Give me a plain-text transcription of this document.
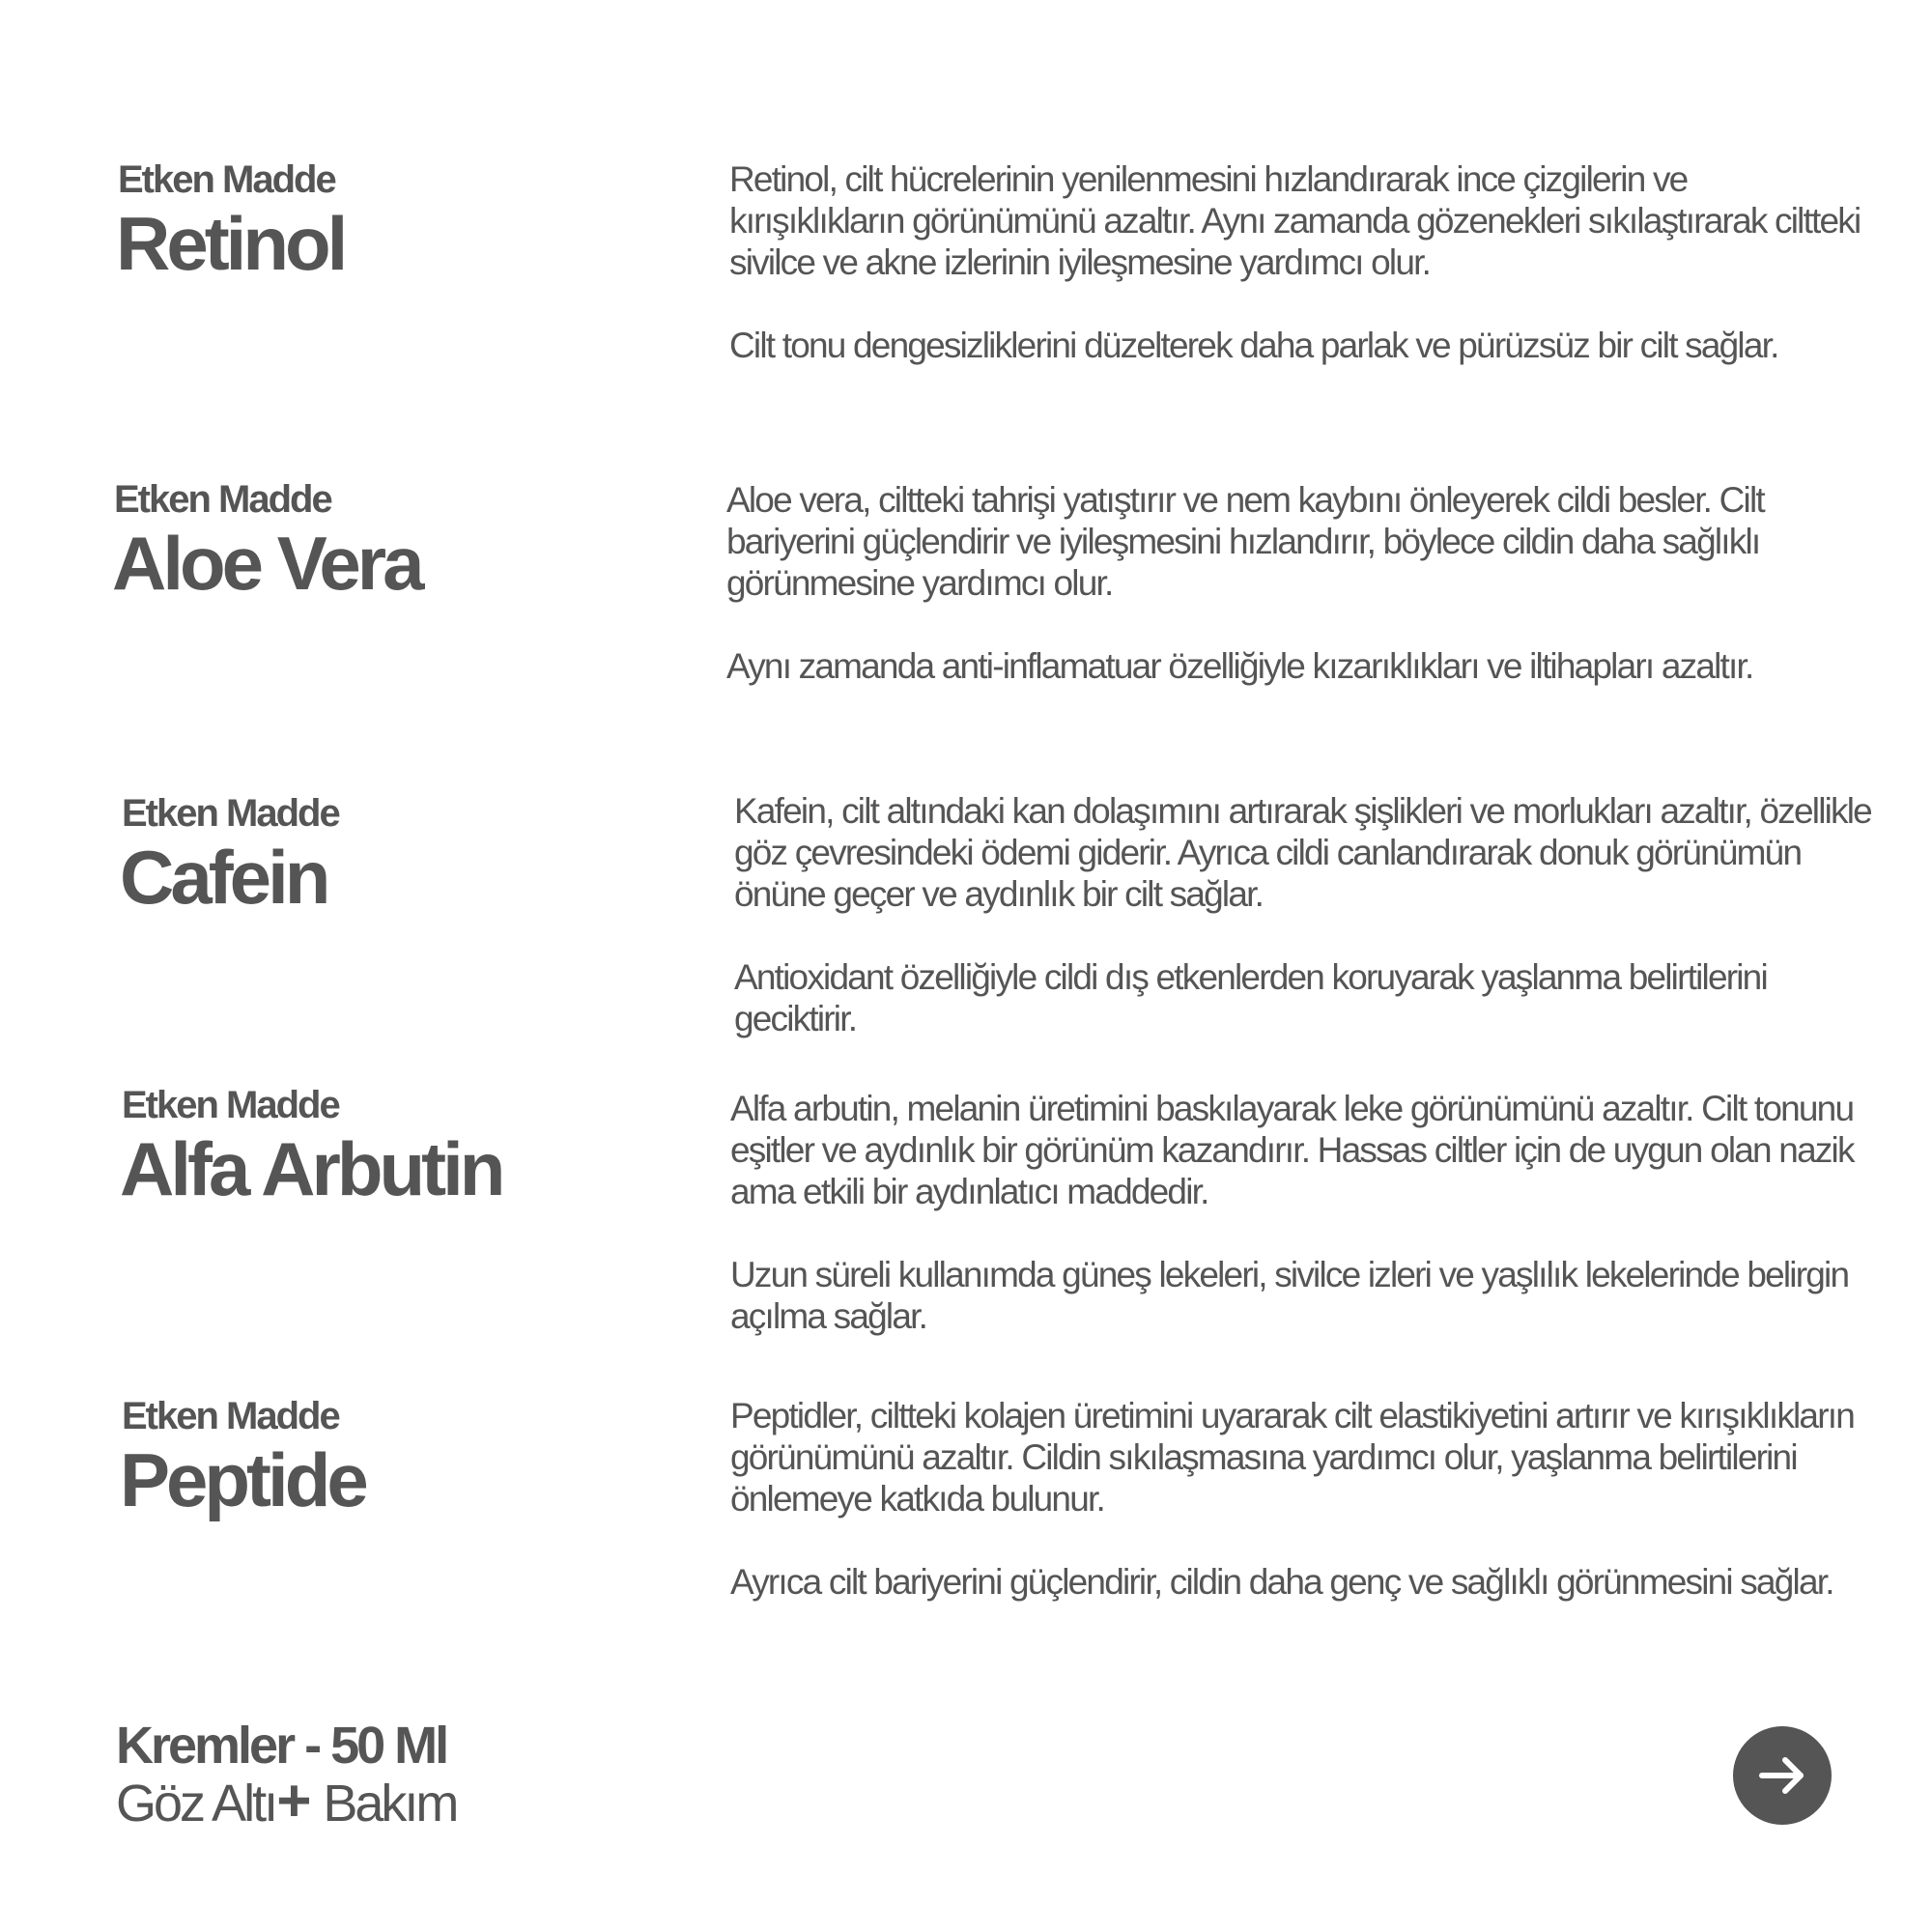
Etken Madde
Retinol

Retinol, cilt hücrelerinin yenilenmesini hızlandırarak ince çizgilerin ve kırışıklıkların görünümünü azaltır. Aynı zamanda gözenekleri sıkılaştırarak ciltteki sivilce ve akne izlerinin iyileşmesine yardımcı olur.

Cilt tonu dengesizliklerini düzelterek daha parlak ve pürüzsüz bir cilt sağlar.

Etken Madde
Aloe Vera

Aloe vera, ciltteki tahrişi yatıştırır ve nem kaybını önleyerek cildi besler. Cilt bariyerini güçlendirir ve iyileşmesini hızlandırır, böylece cildin daha sağlıklı görünmesine yardımcı olur.

Aynı zamanda anti-inflamatuar özelliğiyle kızarıklıkları ve iltihapları azaltır.

Etken Madde
Cafein

Kafein, cilt altındaki kan dolaşımını artırarak şişlikleri ve morlukları azaltır, özellikle göz çevresindeki ödemi giderir. Ayrıca cildi canlandırarak donuk görünümün önüne geçer ve aydınlık bir cilt sağlar.

Antioxidant özelliğiyle cildi dış etkenlerden koruyarak yaşlanma belirtilerini geciktirir.

Etken Madde
Alfa Arbutin

Alfa arbutin, melanin üretimini baskılayarak leke görünümünü azaltır. Cilt tonunu eşitler ve aydınlık bir görünüm kazandırır. Hassas ciltler için de uygun olan nazik ama etkili bir aydınlatıcı maddedir.

Uzun süreli kullanımda güneş lekeleri, sivilce izleri ve yaşlılık lekelerinde belirgin açılma sağlar.

Etken Madde
Peptide

Peptidler, ciltteki kolajen üretimini uyararak cilt elastikiyetini artırır ve kırışıklıkların görünümünü azaltır. Cildin sıkılaşmasına yardımcı olur, yaşlanma belirtilerini önlemeye katkıda bulunur.

Ayrıca cilt bariyerini güçlendirir, cildin daha genç ve sağlıklı görünmesini sağlar.

Kremler - 50 Ml
Göz Altı+ Bakım
